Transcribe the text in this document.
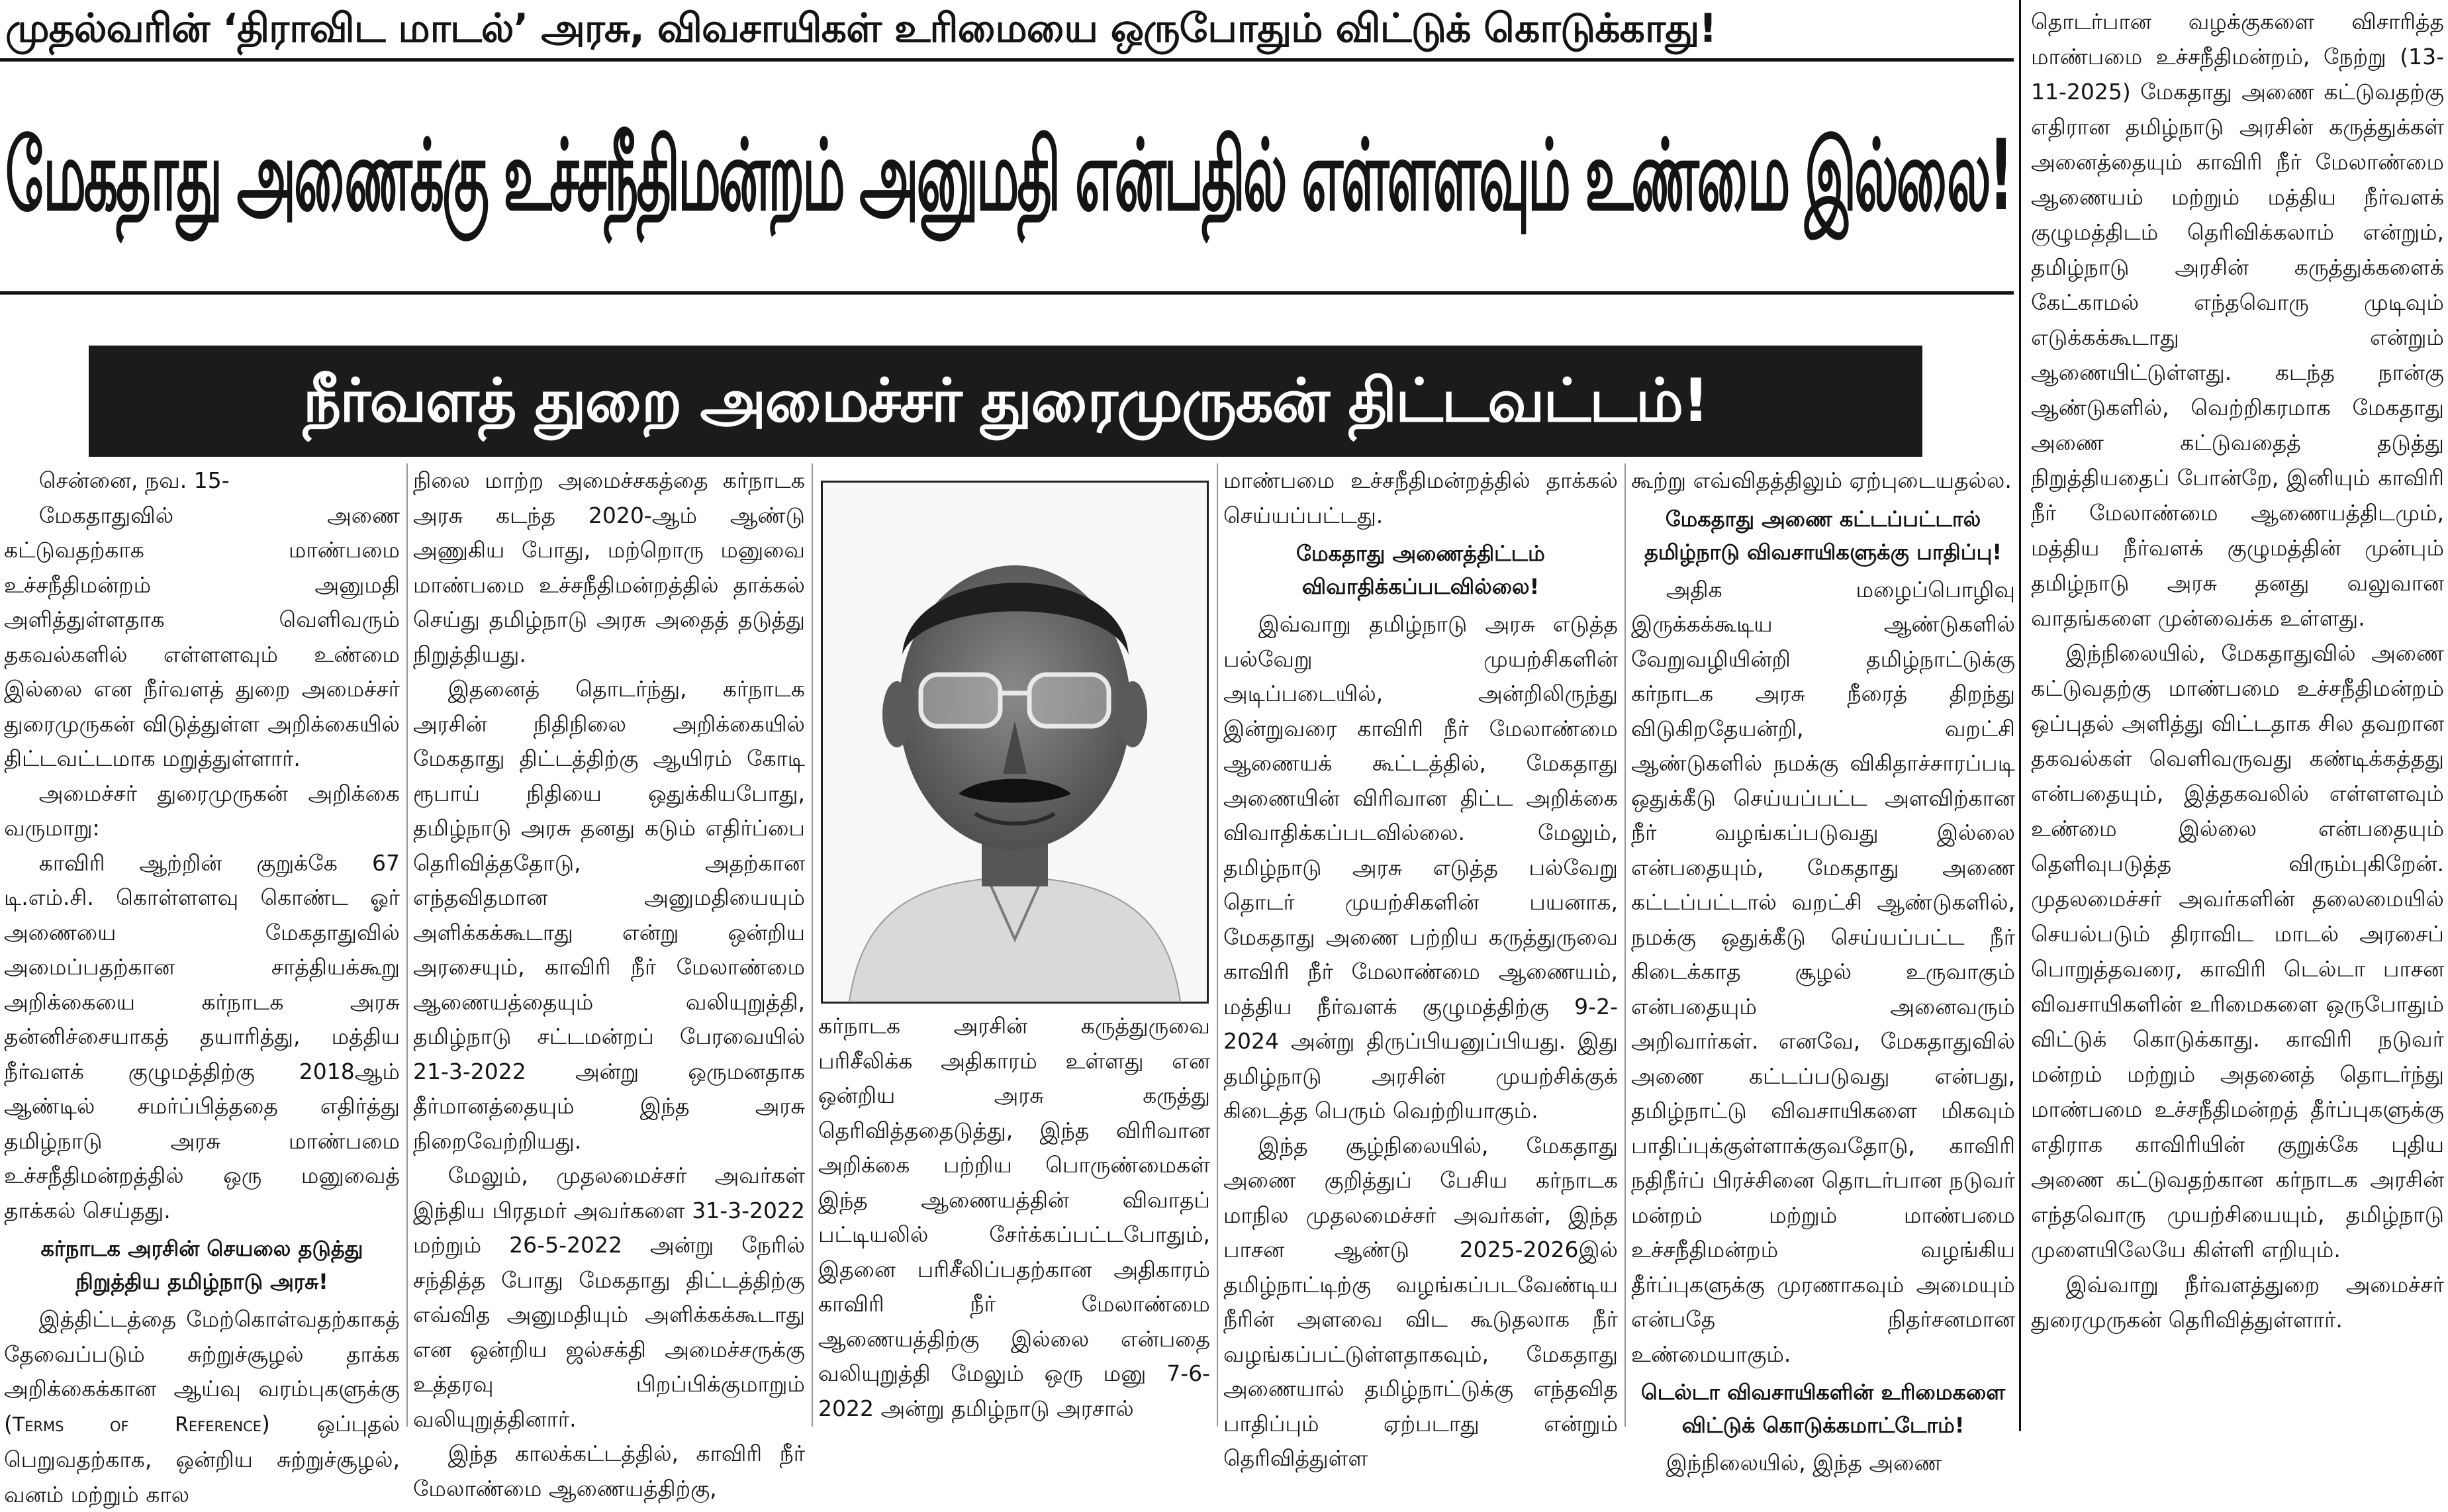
முதல்வரின் ‘திராவிட மாடல்’ அரசு, விவசாயிகள் உரிமையை ஒருபோதும் விட்டுக் கொடுக்காது!
மேகதாது அணைக்கு உச்சநீதிமன்றம் அனுமதி என்பதில் எள்ளளவும் உண்மை இல்லை!
நீர்வளத் துறை அமைச்சர் துரைமுருகன் திட்டவட்டம்!

சென்னை, நவ. 15-

மேகதாதுவில் அணை கட்டுவதற்காக மாண்பமை உச்சநீதிமன்றம் அனுமதி அளித்துள்ளதாக வெளிவரும் தகவல்களில் எள்ளளவும் உண்மை இல்லை என நீர்வளத் துறை அமைச்சர் துரைமுருகன் விடுத்துள்ள அறிக்கையில் திட்டவட்டமாக மறுத்துள்ளார்.

அமைச்சர் துரைமுருகன் அறிக்கை வருமாறு:

காவிரி ஆற்றின் குறுக்கே 67 டி.எம்.சி. கொள்ளளவு கொண்ட ஓர் அணையை மேகதாதுவில் அமைப்பதற்கான சாத்தியக்கூறு அறிக்கையை கர்நாடக அரசு தன்னிச்சையாகத் தயாரித்து, மத்திய நீர்வளக் குழுமத்திற்கு 2018ஆம் ஆண்டில் சமர்ப்பித்ததை எதிர்த்து தமிழ்நாடு அரசு மாண்பமை உச்சநீதிமன்றத்தில் ஒரு மனுவைத் தாக்கல் செய்தது.

கர்நாடக அரசின் செயலை தடுத்து நிறுத்திய தமிழ்நாடு அரசு!

இத்திட்டத்தை மேற்கொள்வதற்காகத் தேவைப்படும் சுற்றுச்சூழல் தாக்க அறிக்கைக்கான ஆய்வு வரம்புகளுக்கு (Terms of Reference) ஒப்புதல் பெறுவதற்காக, ஒன்றிய சுற்றுச்சூழல், வனம் மற்றும் கால

நிலை மாற்ற அமைச்சகத்தை கர்நாடக அரசு கடந்த 2020-ஆம் ஆண்டு அணுகிய போது, மற்றொரு மனுவை மாண்பமை உச்சநீதிமன்றத்தில் தாக்கல் செய்து தமிழ்நாடு அரசு அதைத் தடுத்து நிறுத்தியது.

இதனைத் தொடர்ந்து, கர்நாடக அரசின் நிதிநிலை அறிக்கையில் மேகதாது திட்டத்திற்கு ஆயிரம் கோடி ரூபாய் நிதியை ஒதுக்கியபோது, தமிழ்நாடு அரசு தனது கடும் எதிர்ப்பை தெரிவித்ததோடு, அதற்கான எந்தவிதமான அனுமதியையும் அளிக்கக்கூடாது என்று ஒன்றிய அரசையும், காவிரி நீர் மேலாண்மை ஆணையத்தையும் வலியுறுத்தி, தமிழ்நாடு சட்டமன்றப் பேரவையில் 21-3-2022 அன்று ஒருமனதாக தீர்மானத்தையும் இந்த அரசு நிறைவேற்றியது.

மேலும், முதலமைச்சர் அவர்கள் இந்திய பிரதமர் அவர்களை 31-3-2022 மற்றும் 26-5-2022 அன்று நேரில் சந்தித்த போது மேகதாது திட்டத்திற்கு எவ்வித அனுமதியும் அளிக்கக்கூடாது என ஒன்றிய ஜல்சக்தி அமைச்சருக்கு உத்தரவு பிறப்பிக்குமாறும் வலியுறுத்தினார்.

இந்த காலக்கட்டத்தில், காவிரி நீர் மேலாண்மை ஆணையத்திற்கு,

கர்நாடக அரசின் கருத்துருவை பரிசீலிக்க அதிகாரம் உள்ளது என ஒன்றிய அரசு கருத்து தெரிவித்ததைடுத்து, இந்த விரிவான அறிக்கை பற்றிய பொருண்மைகள் இந்த ஆணையத்தின் விவாதப் பட்டியலில் சேர்க்கப்பட்டபோதும், இதனை பரிசீலிப்பதற்கான அதிகாரம் காவிரி நீர் மேலாண்மை ஆணையத்திற்கு இல்லை என்பதை வலியுறுத்தி மேலும் ஒரு மனு 7-6-2022 அன்று தமிழ்நாடு அரசால்

மாண்பமை உச்சநீதிமன்றத்தில் தாக்கல் செய்யப்பட்டது.

மேகதாது அணைத்திட்டம் விவாதிக்கப்படவில்லை!

இவ்வாறு தமிழ்நாடு அரசு எடுத்த பல்வேறு முயற்சிகளின் அடிப்படையில், அன்றிலிருந்து இன்றுவரை காவிரி நீர் மேலாண்மை ஆணையக் கூட்டத்தில், மேகதாது அணையின் விரிவான திட்ட அறிக்கை விவாதிக்கப்படவில்லை. மேலும், தமிழ்நாடு அரசு எடுத்த பல்வேறு தொடர் முயற்சிகளின் பயனாக, மேகதாது அணை பற்றிய கருத்துருவை காவிரி நீர் மேலாண்மை ஆணையம், மத்திய நீர்வளக் குழுமத்திற்கு 9-2-2024 அன்று திருப்பியனுப்பியது. இது தமிழ்நாடு அரசின் முயற்சிக்குக் கிடைத்த பெரும் வெற்றியாகும்.

இந்த சூழ்நிலையில், மேகதாது அணை குறித்துப் பேசிய கர்நாடக மாநில முதலமைச்சர் அவர்கள், இந்த பாசன ஆண்டு 2025-2026இல் தமிழ்நாட்டிற்கு வழங்கப்படவேண்டிய நீரின் அளவை விட கூடுதலாக நீர் வழங்கப்பட்டுள்ளதாகவும், மேகதாது அணையால் தமிழ்நாட்டுக்கு எந்தவித பாதிப்பும் ஏற்படாது என்றும் தெரிவித்துள்ள

கூற்று எவ்விதத்திலும் ஏற்புடையதல்ல.

மேகதாது அணை கட்டப்பட்டால் தமிழ்நாடு விவசாயிகளுக்கு பாதிப்பு!

அதிக மழைப்பொழிவு இருக்கக்கூடிய ஆண்டுகளில் வேறுவழியின்றி தமிழ்நாட்டுக்கு கர்நாடக அரசு நீரைத் திறந்து விடுகிறதேயன்றி, வறட்சி ஆண்டுகளில் நமக்கு விகிதாச்சாரப்படி ஒதுக்கீடு செய்யப்பட்ட அளவிற்கான நீர் வழங்கப்படுவது இல்லை என்பதையும், மேகதாது அணை கட்டப்பட்டால் வறட்சி ஆண்டுகளில், நமக்கு ஒதுக்கீடு செய்யப்பட்ட நீர் கிடைக்காத சூழல் உருவாகும் என்பதையும் அனைவரும் அறிவார்கள். எனவே, மேகதாதுவில் அணை கட்டப்படுவது என்பது, தமிழ்நாட்டு விவசாயிகளை மிகவும் பாதிப்புக்குள்ளாக்குவதோடு, காவிரி நதிநீர்ப் பிரச்சினை தொடர்பான நடுவர் மன்றம் மற்றும் மாண்பமை உச்சநீதிமன்றம் வழங்கிய தீர்ப்புகளுக்கு முரணாகவும் அமையும் என்பதே நிதர்சனமான உண்மையாகும்.

டெல்டா விவசாயிகளின் உரிமைகளை விட்டுக் கொடுக்கமாட்டோம்!

இந்நிலையில், இந்த அணை

தொடர்பான வழக்குகளை விசாரித்த மாண்பமை உச்சநீதிமன்றம், நேற்று (13-11-2025) மேகதாது அணை கட்டுவதற்கு எதிரான தமிழ்நாடு அரசின் கருத்துக்கள் அனைத்தையும் காவிரி நீர் மேலாண்மை ஆணையம் மற்றும் மத்திய நீர்வளக் குழுமத்திடம் தெரிவிக்கலாம் என்றும், தமிழ்நாடு அரசின் கருத்துக்களைக் கேட்காமல் எந்தவொரு முடிவும் எடுக்கக்கூடாது என்றும் ஆணையிட்டுள்ளது. கடந்த நான்கு ஆண்டுகளில், வெற்றிகரமாக மேகதாது அணை கட்டுவதைத் தடுத்து நிறுத்தியதைப் போன்றே, இனியும் காவிரி நீர் மேலாண்மை ஆணையத்திடமும், மத்திய நீர்வளக் குழுமத்தின் முன்பும் தமிழ்நாடு அரசு தனது வலுவான வாதங்களை முன்வைக்க உள்ளது.

இந்நிலையில், மேகதாதுவில் அணை கட்டுவதற்கு மாண்பமை உச்சநீதிமன்றம் ஒப்புதல் அளித்து விட்டதாக சில தவறான தகவல்கள் வெளிவருவது கண்டிக்கத்தது என்பதையும், இத்தகவலில் எள்ளளவும் உண்மை இல்லை என்பதையும் தெளிவுபடுத்த விரும்புகிறேன். முதலமைச்சர் அவர்களின் தலைமையில் செயல்படும் திராவிட மாடல் அரசைப் பொறுத்தவரை, காவிரி டெல்டா பாசன விவசாயிகளின் உரிமைகளை ஒருபோதும் விட்டுக் கொடுக்காது. காவிரி நடுவர் மன்றம் மற்றும் அதனைத் தொடர்ந்து மாண்பமை உச்சநீதிமன்றத் தீர்ப்புகளுக்கு எதிராக காவிரியின் குறுக்கே புதிய அணை கட்டுவதற்கான கர்நாடக அரசின் எந்தவொரு முயற்சியையும், தமிழ்நாடு முளையிலேயே கிள்ளி எறியும்.

இவ்வாறு நீர்வளத்துறை அமைச்சர் துரைமுருகன் தெரிவித்துள்ளார்.
